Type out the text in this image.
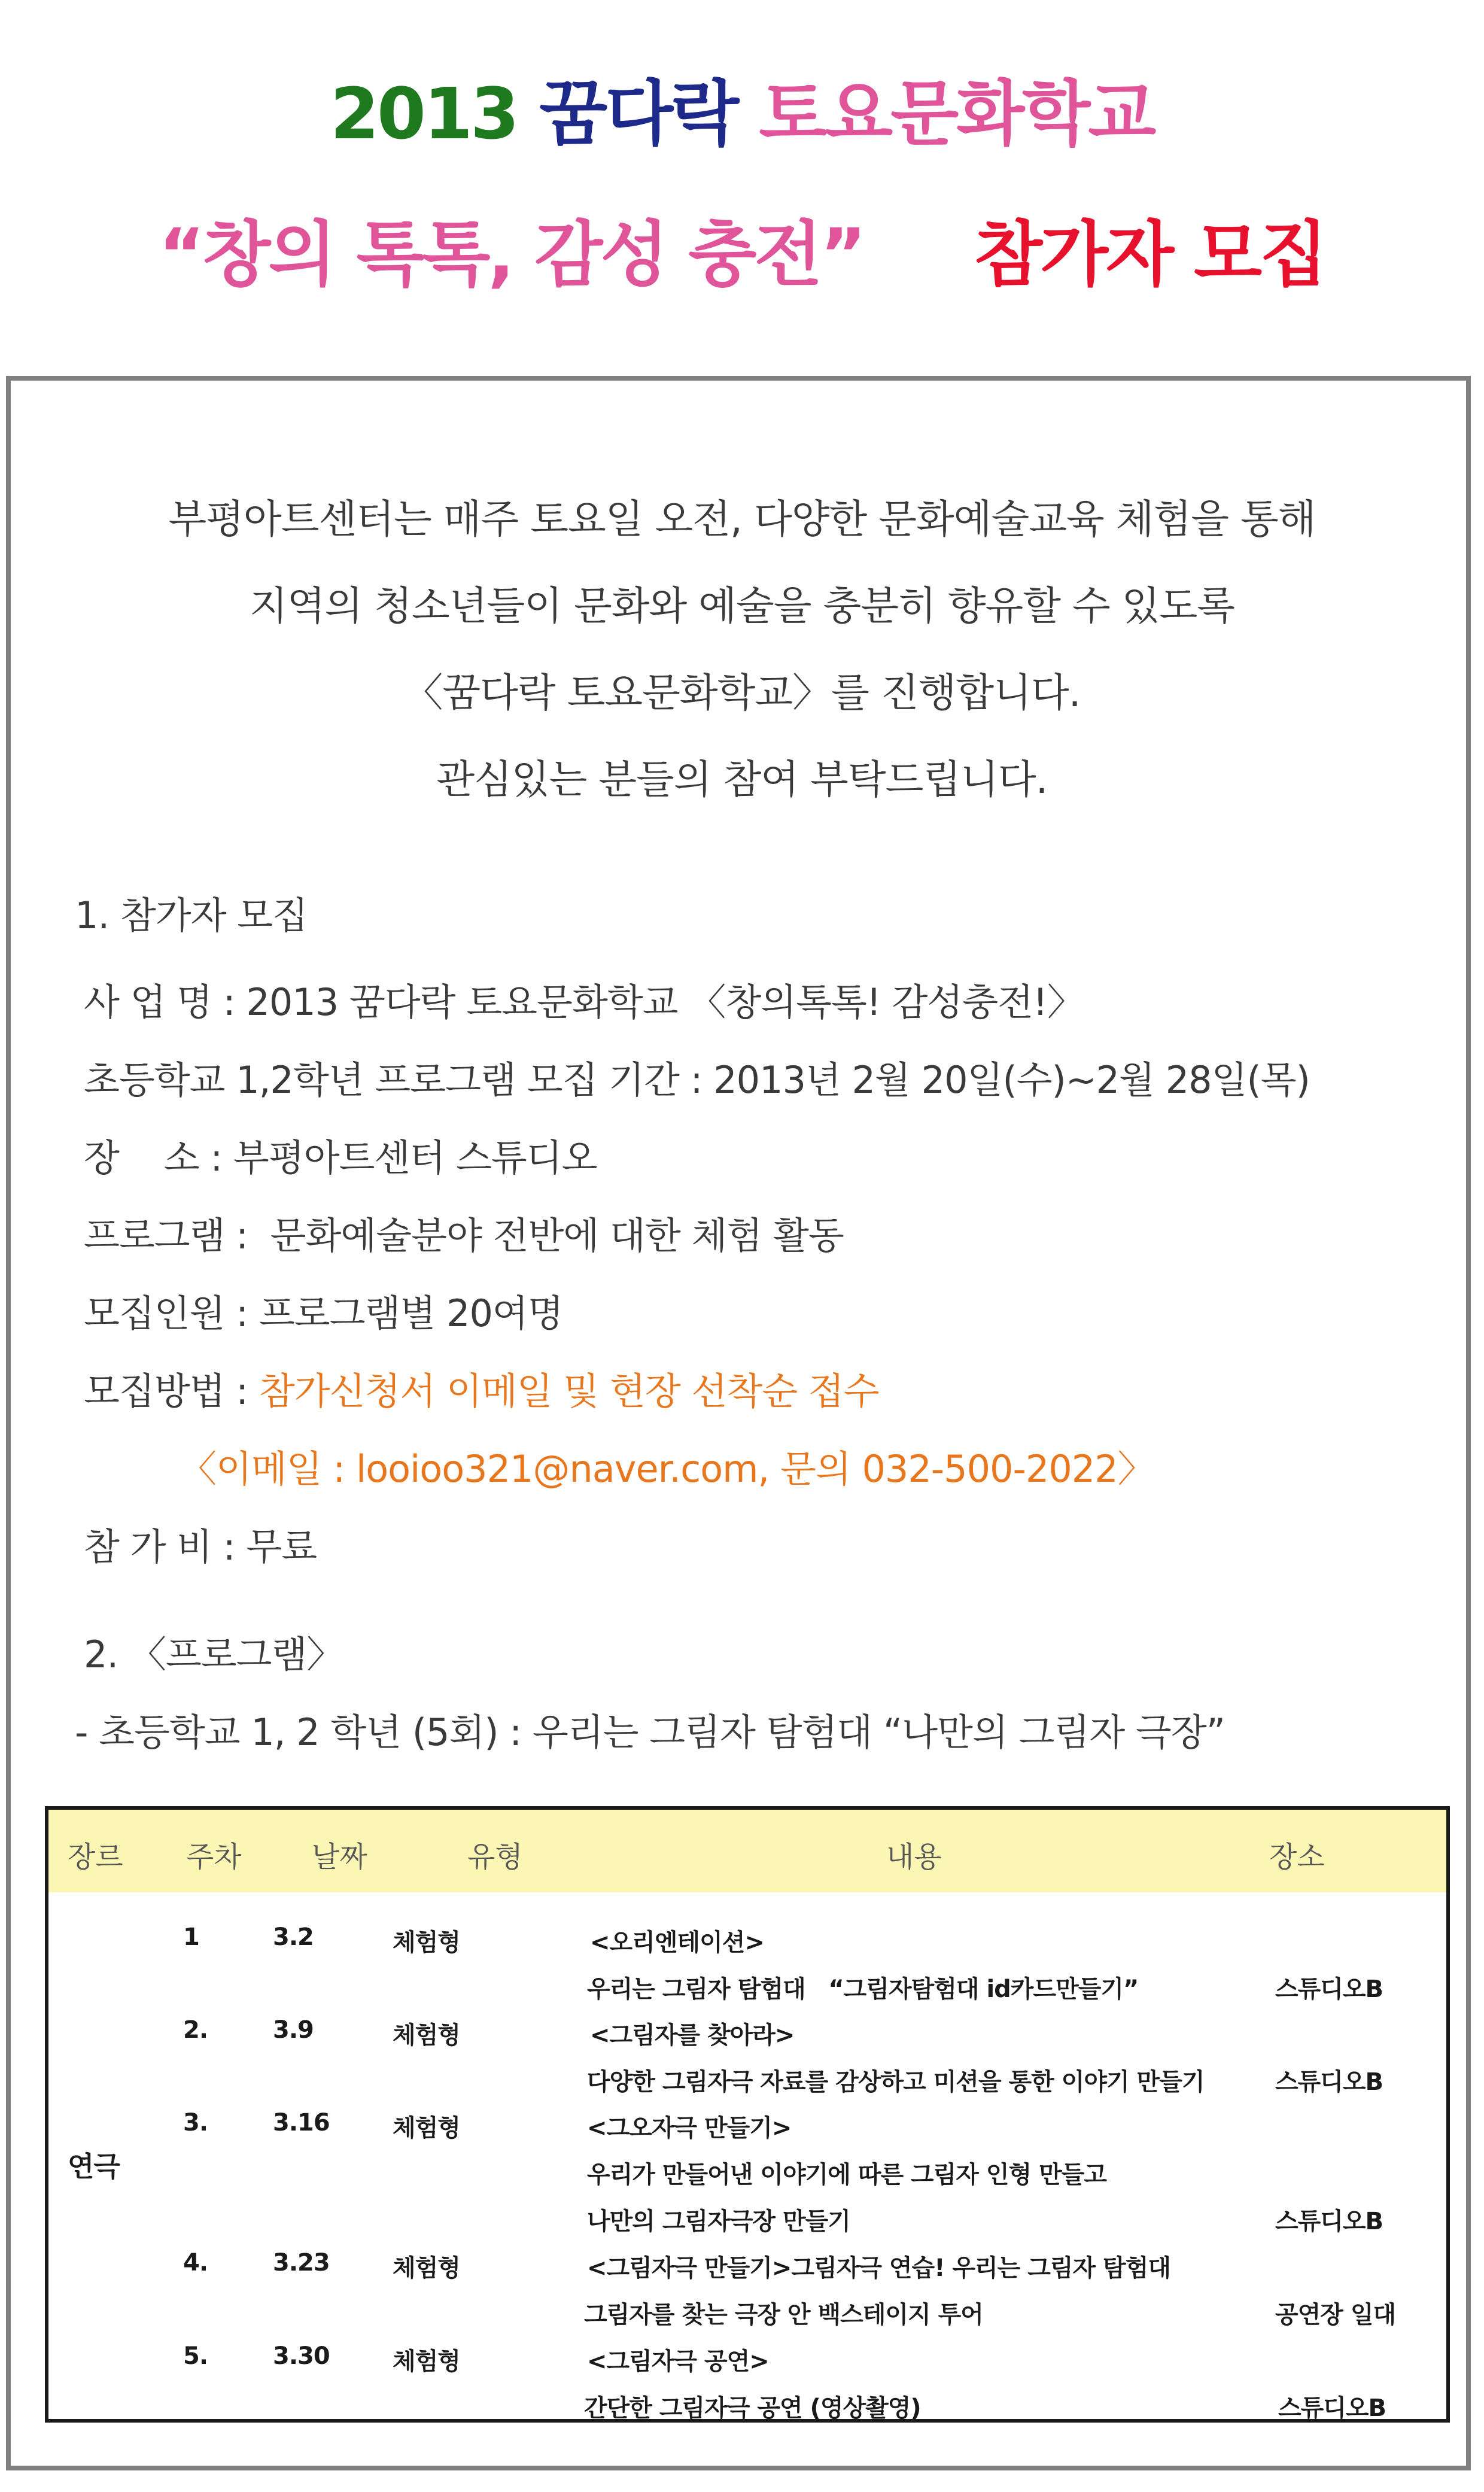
2013 꿈다락 토요문화학교
“창의 톡톡, 감성 충전” 참가자 모집
부평아트센터는 매주 토요일 오전, 다양한 문화예술교육 체험을 통해
지역의 청소년들이 문화와 예술을 충분히 향유할 수 있도록
〈꿈다락 토요문화학교〉를 진행합니다.
관심있는 분들의 참여 부탁드립니다.
1. 참가자 모집
사 업 명 : 2013 꿈다락 토요문화학교 〈창의톡톡! 감성충전!〉
초등학교 1,2학년 프로그램 모집 기간 : 2013년 2월 20일(수)~2월 28일(목)
장    소 : 부평아트센터 스튜디오
프로그램 :  문화예술분야 전반에 대한 체험 활동
모집인원 : 프로그램별 20여명
모집방법 : 참가신청서 이메일 및 현장 선착순 접수
〈이메일 : looioo321@naver.com, 문의 032-500-2022〉
참 가 비 : 무료
2. 〈프로그램〉
- 초등학교 1, 2 학년 (5회) : 우리는 그림자 탐험대 “나만의 그림자 극장”
장르 주차 날짜	유형	내용	장소
연극
1	3.2	체험형	<오리엔테이션>
우리는 그림자 탐험대   “그림자탐험대 id카드만들기”	스튜디오B
2.	3.9	체험형	<그림자를 찾아라>
다양한 그림자극 자료를 감상하고 미션을 통한 이야기 만들기	스튜디오B
3.	3.16	체험형	<그오자극 만들기>
우리가 만들어낸 이야기에 따른 그림자 인형 만들고
나만의 그림자극장 만들기	스튜디오B
4.	3.23	체험형	<그림자극 만들기>그림자극 연습! 우리는 그림자 탐험대
그림자를 찾는 극장 안 백스테이지 투어	공연장 일대
5.	3.30	체험형	<그림자극 공연>
간단한 그림자극 공연 (영상촬영)	스튜디오B
